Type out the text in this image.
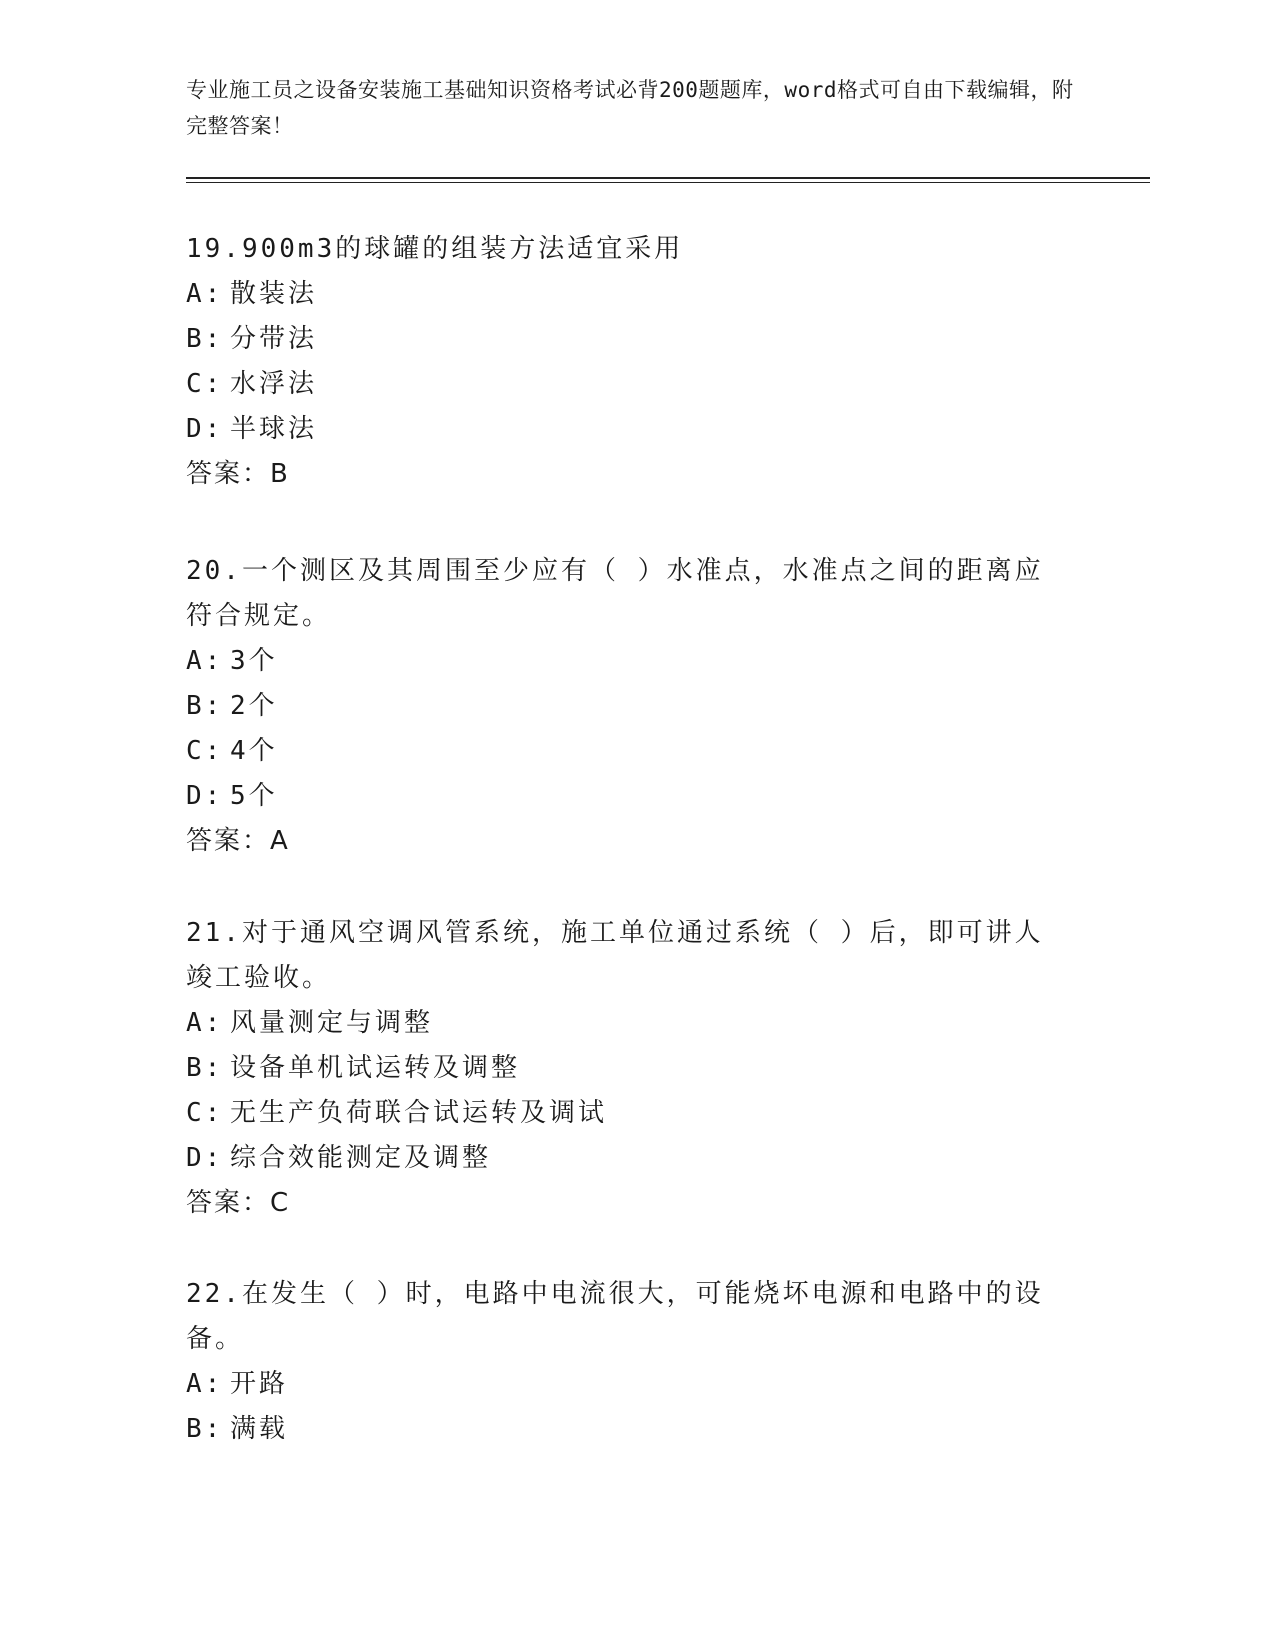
专业施工员之设备安装施工基础知识资格考试必背200题题库，word格式可自由下载编辑，附完整答案！

19.900m3的球罐的组装方法适宜采用

A: 散装法

B: 分带法

C: 水浮法

D: 半球法

答案：B

20.一个测区及其周围至少应有（ ）水准点，水准点之间的距离应符合规定。

A: 3个

B: 2个

C: 4个

D: 5个

答案：A

21.对于通风空调风管系统，施工单位通过系统（ ）后，即可讲人竣工验收。

A: 风量测定与调整

B: 设备单机试运转及调整

C: 无生产负荷联合试运转及调试

D: 综合效能测定及调整

答案：C

22.在发生（ ）时，电路中电流很大，可能烧坏电源和电路中的设备。

A: 开路

B: 满载
